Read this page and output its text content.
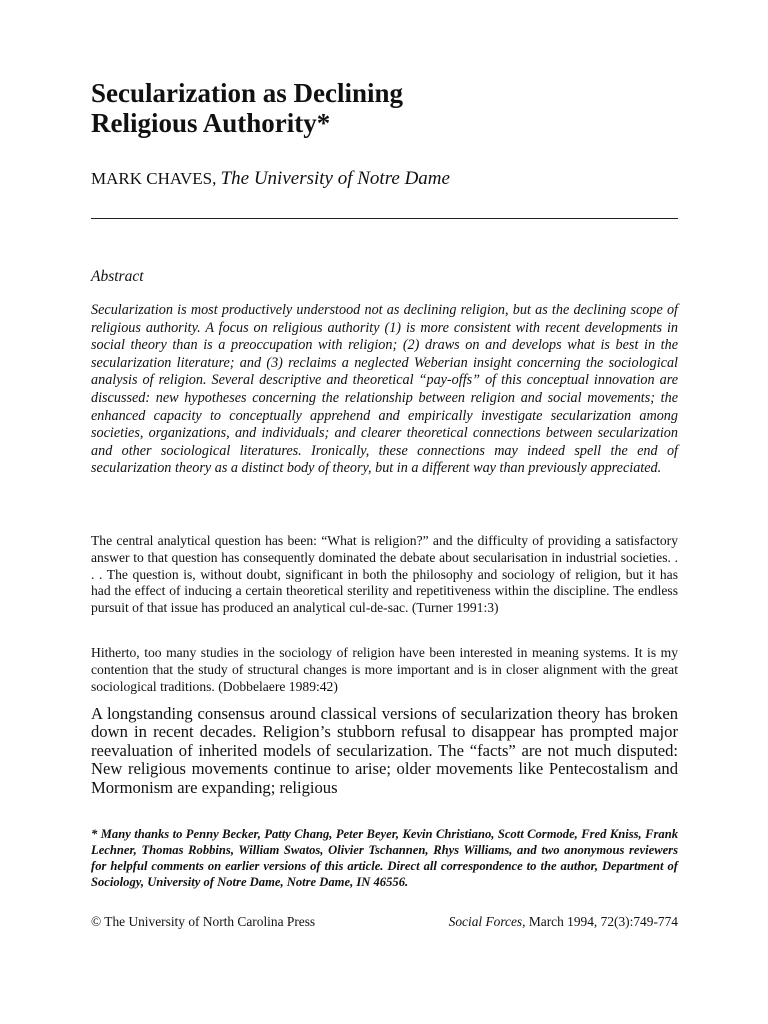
Secularization as Declining
Religious Authority*
MARK CHAVES, The University of Notre Dame
Abstract

Secularization is most productively understood not as declining religion, but as the declining scope of religious authority. A focus on religious authority (1) is more consistent with recent developments in social theory than is a preoccupation with religion; (2) draws on and develops what is best in the secularization literature; and (3) reclaims a neglected Weberian insight concerning the sociological analysis of religion. Several descriptive and theoretical “pay-offs” of this conceptual innovation are discussed: new hypotheses concerning the relationship between religion and social movements; the enhanced capacity to conceptually apprehend and empirically investigate secularization among societies, organizations, and individuals; and clearer theoretical connections between secularization and other sociological literatures. Ironically, these connections may indeed spell the end of secularization theory as a distinct body of theory, but in a different way than previously appreciated.

The central analytical question has been: “What is religion?” and the difficulty of providing a satisfactory answer to that question has consequently dominated the debate about secularisation in industrial societies. . . . The question is, without doubt, significant in both the philosophy and sociology of religion, but it has had the effect of inducing a certain theoretical sterility and repetitiveness within the discipline. The endless pursuit of that issue has produced an analytical cul-de-sac. (Turner 1991:3)

Hitherto, too many studies in the sociology of religion have been interested in meaning systems. It is my contention that the study of structural changes is more important and is in closer alignment with the great sociological traditions. (Dobbelaere 1989:42)

A longstanding consensus around classical versions of secularization theory has broken down in recent decades. Religion’s stubborn refusal to disappear has prompted major reevaluation of inherited models of secularization. The “facts” are not much disputed: New religious movements continue to arise; older movements like Pentecostalism and Mormonism are expanding; religious

* Many thanks to Penny Becker, Patty Chang, Peter Beyer, Kevin Christiano, Scott Cormode, Fred Kniss, Frank Lechner, Thomas Robbins, William Swatos, Olivier Tschannen, Rhys Williams, and two anonymous reviewers for helpful comments on earlier versions of this article. Direct all correspondence to the author, Department of Sociology, University of Notre Dame, Notre Dame, IN 46556.

© The University of North Carolina Press	Social Forces, March 1994, 72(3):749-774
